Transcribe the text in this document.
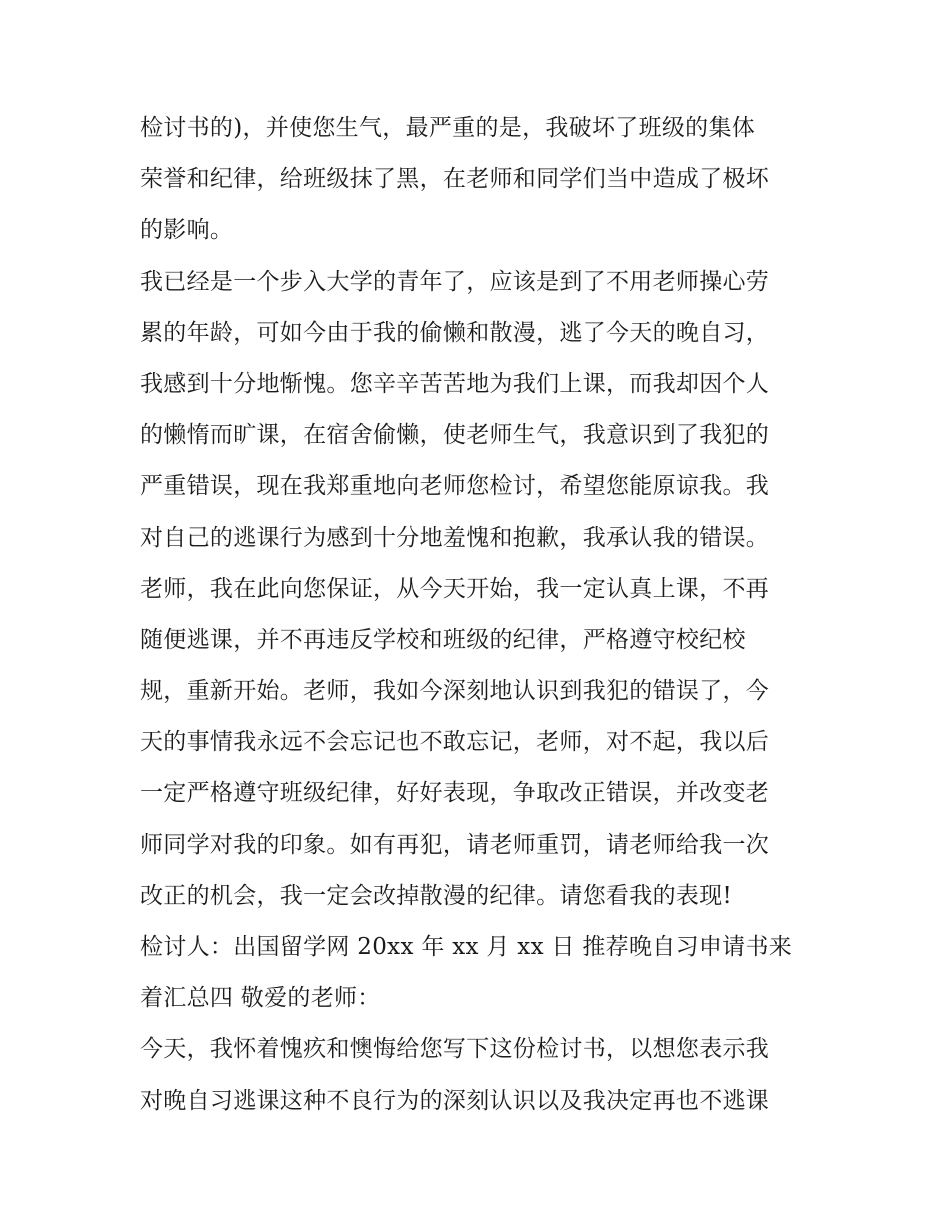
检讨书的)，并使您生气，最严重的是，我破坏了班级的集体
荣誉和纪律，给班级抹了黑，在老师和同学们当中造成了极坏
的影响。
我已经是一个步入大学的青年了，应该是到了不用老师操心劳
累的年龄，可如今由于我的偷懒和散漫，逃了今天的晚自习，
我感到十分地惭愧。您辛辛苦苦地为我们上课，而我却因个人
的懒惰而旷课，在宿舍偷懒，使老师生气，我意识到了我犯的
严重错误，现在我郑重地向老师您检讨，希望您能原谅我。我
对自己的逃课行为感到十分地羞愧和抱歉，我承认我的错误。
老师，我在此向您保证，从今天开始，我一定认真上课，不再
随便逃课，并不再违反学校和班级的纪律，严格遵守校纪校
规，重新开始。老师，我如今深刻地认识到我犯的错误了，今
天的事情我永远不会忘记也不敢忘记，老师，对不起，我以后
一定严格遵守班级纪律，好好表现，争取改正错误，并改变老
师同学对我的印象。如有再犯，请老师重罚，请老师给我一次
改正的机会，我一定会改掉散漫的纪律。请您看我的表现!
检讨人：出国留学网 20xx 年 xx 月 xx 日 推荐晚自习申请书来
着汇总四 敬爱的老师：
今天，我怀着愧疚和懊悔给您写下这份检讨书，以想您表示我
对晚自习逃课这种不良行为的深刻认识以及我决定再也不逃课
